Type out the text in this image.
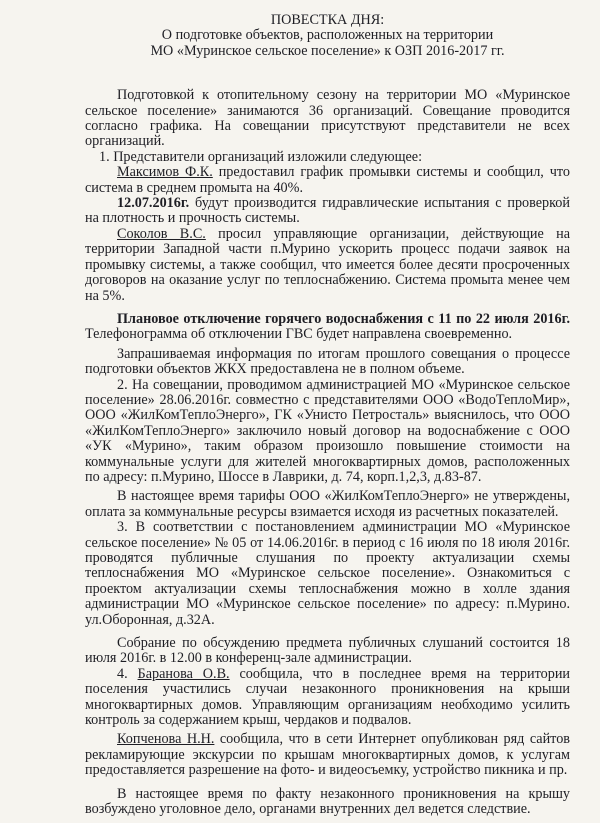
ПОВЕСТКА ДНЯ:

О подготовке объектов, расположенных на территории

МО «Муринское сельское поселение» к ОЗП 2016-2017 гг.

Подготовкой к отопительному сезону на территории МО «Муринское сельское поселение» занимаются 36 организаций. Совещание проводится согласно графика. На совещании присутствуют представители не всех организаций.

1. Представители организаций изложили следующее:

Максимов Ф.К. предоставил график промывки системы и сообщил, что система в среднем промыта на 40%.

12.07.2016г. будут производится гидравлические испытания с проверкой на плотность и прочность системы.

Соколов В.С. просил управляющие организации, действующие на территории Западной части п.Мурино ускорить процесс подачи заявок на промывку системы, а также сообщил, что имеется более десяти просроченных договоров на оказание услуг по теплоснабжению. Система промыта менее чем на 5%.

Плановое отключение горячего водоснабжения с 11 по 22 июля 2016г. Телефонограмма об отключении ГВС будет направлена своевременно.

Запрашиваемая информация по итогам прошлого совещания о процессе подготовки объектов ЖКХ предоставлена не в полном объеме.

2. На совещании, проводимом администрацией МО «Муринское сельское поселение» 28.06.2016г. совместно с представителями ООО «ВодоТеплоМир», ООО «ЖилКомТеплоЭнерго», ГК «Унисто Петросталь» выяснилось, что ООО «ЖилКомТеплоЭнерго» заключило новый договор на водоснабжение с ООО «УК «Мурино», таким образом произошло повышение стоимости на коммунальные услуги для жителей многоквартирных домов, расположенных по адресу: п.Мурино, Шоссе в Лаврики, д. 74, корп.1,2,3, д.83-87.

В настоящее время тарифы ООО «ЖилКомТеплоЭнерго» не утверждены, оплата за коммунальные ресурсы взимается исходя из расчетных показателей.

3. В соответствии с постановлением администрации МО «Муринское сельское поселение» № 05 от 14.06.2016г. в период с 16 июля по 18 июля 2016г. проводятся публичные слушания по проекту актуализации схемы теплоснабжения МО «Муринское сельское поселение». Ознакомиться с проектом актуализации схемы теплоснабжения можно в холле здания администрации МО «Муринское сельское поселение» по адресу: п.Мурино. ул.Оборонная, д.32А.

Собрание по обсуждению предмета публичных слушаний состоится 18 июля 2016г. в 12.00 в конференц-зале администрации.

4. Баранова О.В. сообщила, что в последнее время на территории поселения участились случаи незаконного проникновения на крыши многоквартирных домов. Управляющим организациям необходимо усилить контроль за содержанием крыш, чердаков и подвалов.

Копченова Н.Н. сообщила, что в сети Интернет опубликован ряд сайтов рекламирующие экскурсии по крышам многоквартирных домов, к услугам предоставляется разрешение на фото- и видеосъемку, устройство пикника и пр.

В настоящее время по факту незаконного проникновения на крышу возбуждено уголовное дело, органами внутренних дел ведется следствие.
